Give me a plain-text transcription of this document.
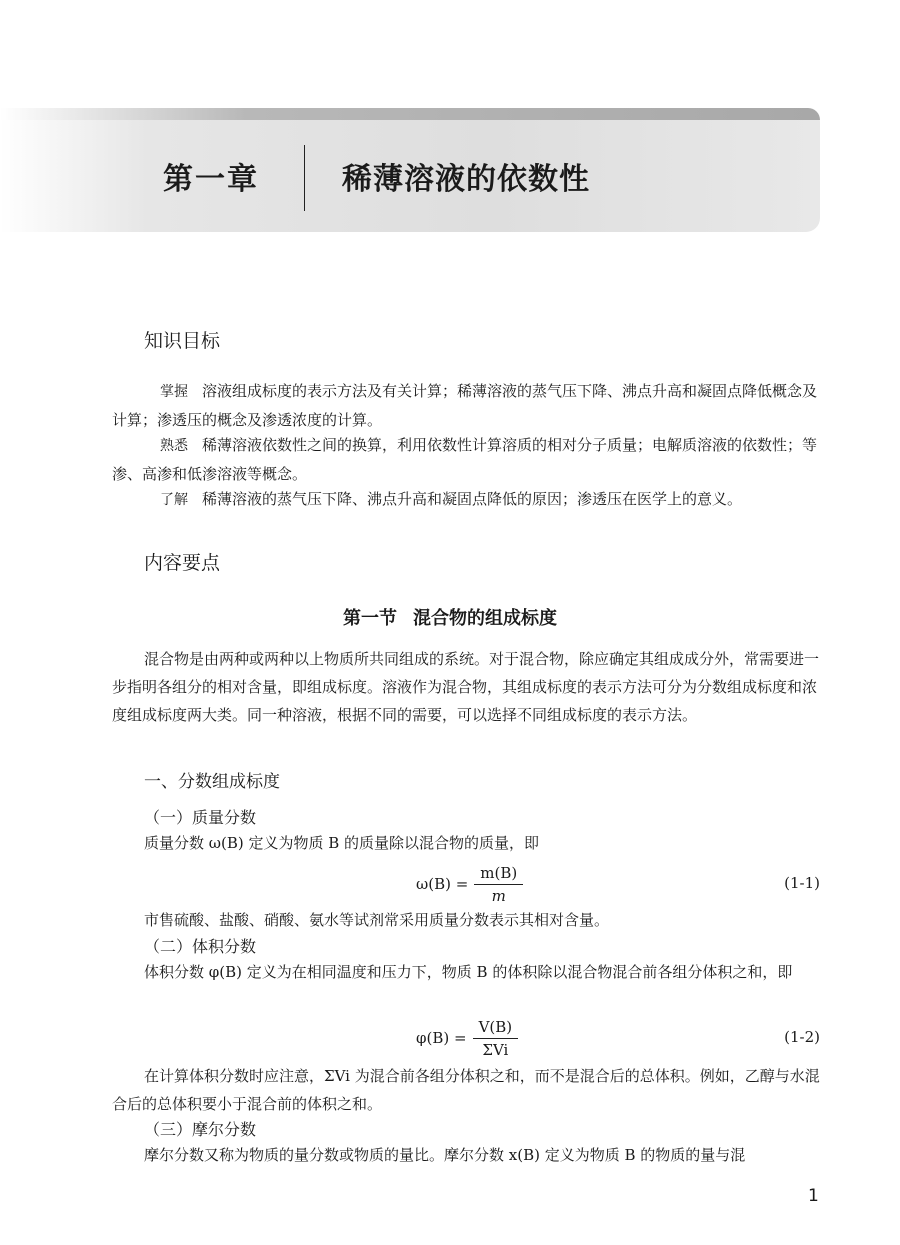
第一章	稀薄溶液的依数性
知识目标

掌握 溶液组成标度的表示方法及有关计算；稀薄溶液的蒸气压下降、沸点升高和凝固点降低概念及计算；渗透压的概念及渗透浓度的计算。

熟悉 稀薄溶液依数性之间的换算，利用依数性计算溶质的相对分子质量；电解质溶液的依数性；等渗、高渗和低渗溶液等概念。

了解 稀薄溶液的蒸气压下降、沸点升高和凝固点降低的原因；渗透压在医学上的意义。

内容要点
第一节 混合物的组成标度

混合物是由两种或两种以上物质所共同组成的系统。对于混合物，除应确定其组成成分外，常需要进一步指明各组分的相对含量，即组成标度。溶液作为混合物，其组成标度的表示方法可分为分数组成标度和浓度组成标度两大类。同一种溶液，根据不同的需要，可以选择不同组成标度的表示方法。

一、分数组成标度
（一）质量分数

质量分数 ω(B) 定义为物质 B 的质量除以混合物的质量，即

$\omega(B) = \frac{m(B)}{m}$	(1-1)

市售硫酸、盐酸、硝酸、氨水等试剂常采用质量分数表示其相对含量。

（二）体积分数

体积分数 φ(B) 定义为在相同温度和压力下，物质 B 的体积除以混合物混合前各组分体积之和，即

$\varphi(B) = \frac{V(B)}{\text{ΣVi}}$	(1-2)

在计算体积分数时应注意，ΣVi 为混合前各组分体积之和，而不是混合后的总体积。例如，乙醇与水混合后的总体积要小于混合前的体积之和。

（三）摩尔分数

摩尔分数又称为物质的量分数或物质的量比。摩尔分数 x(B) 定义为物质 B 的物质的量与混

1
